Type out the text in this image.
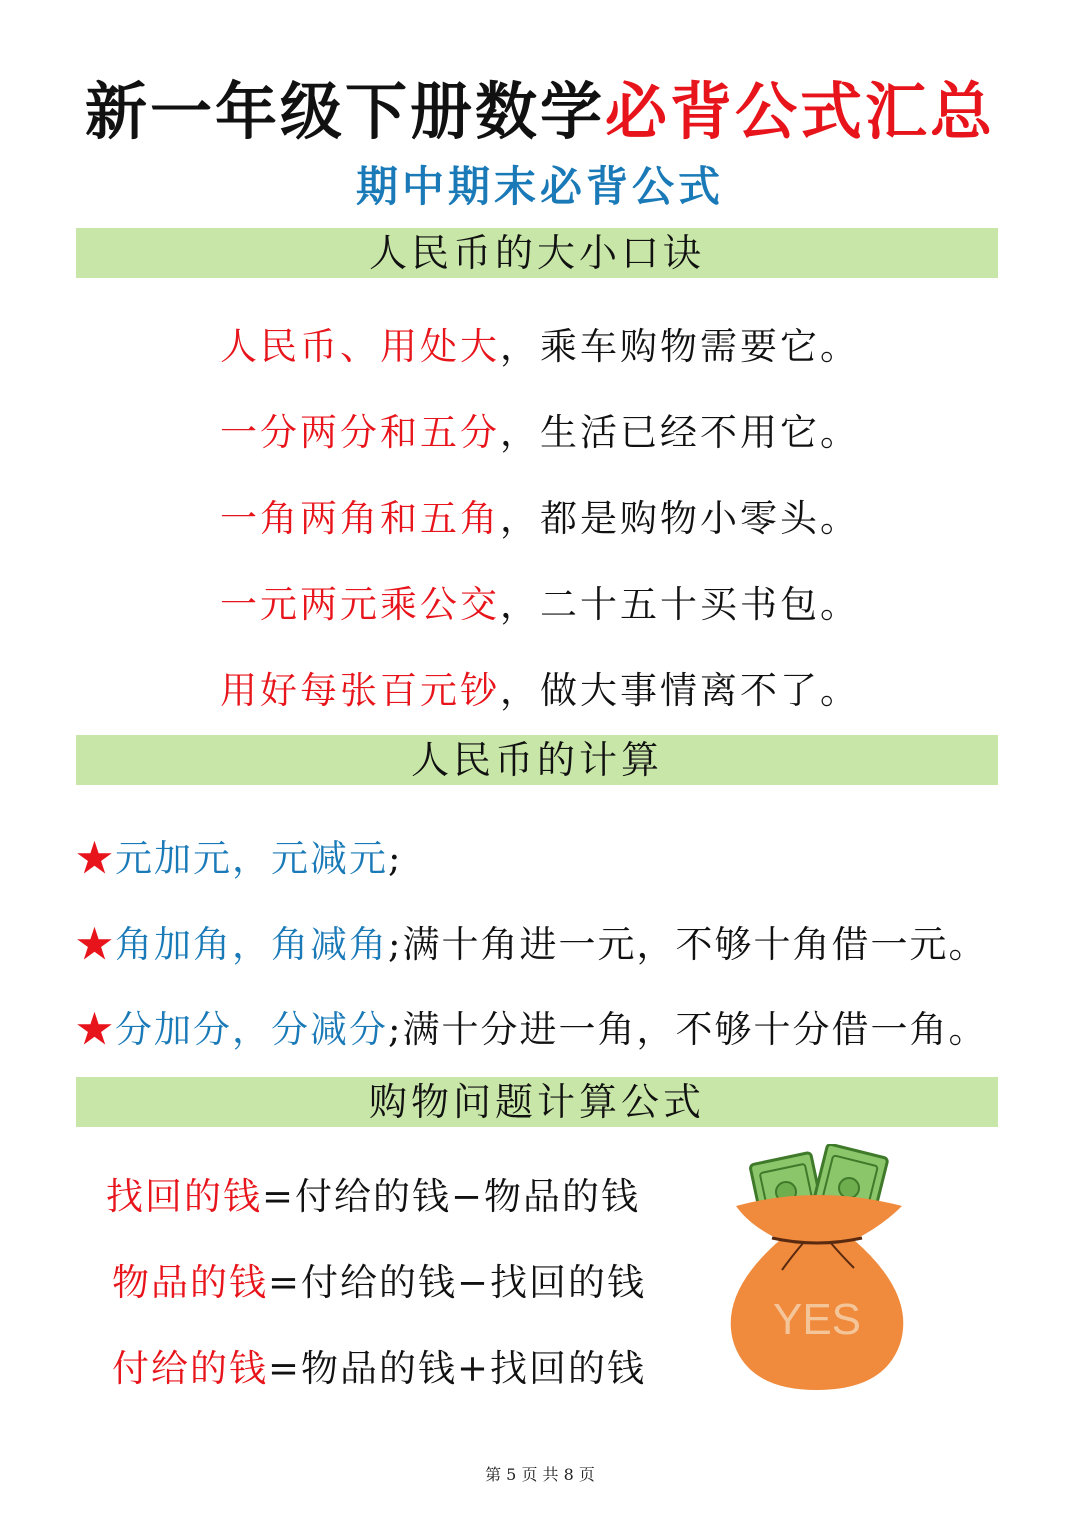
新一年级下册数学必背公式汇总
期中期末必背公式
人民币的大小口诀
人民币、用处大，乘车购物需要它。
一分两分和五分，生活已经不用它。
一角两角和五角，都是购物小零头。
一元两元乘公交，二十五十买书包。
用好每张百元钞，做大事情离不了。
人民币的计算
★元加元，元减元;
★角加角，角减角;满十角进一元，不够十角借一元。
★分加分，分减分;满十分进一角，不够十分借一角。
购物问题计算公式
找回的钱=付给的钱−物品的钱
物品的钱=付给的钱−找回的钱
付给的钱=物品的钱+找回的钱
YES
第 5 页 共 8 页
